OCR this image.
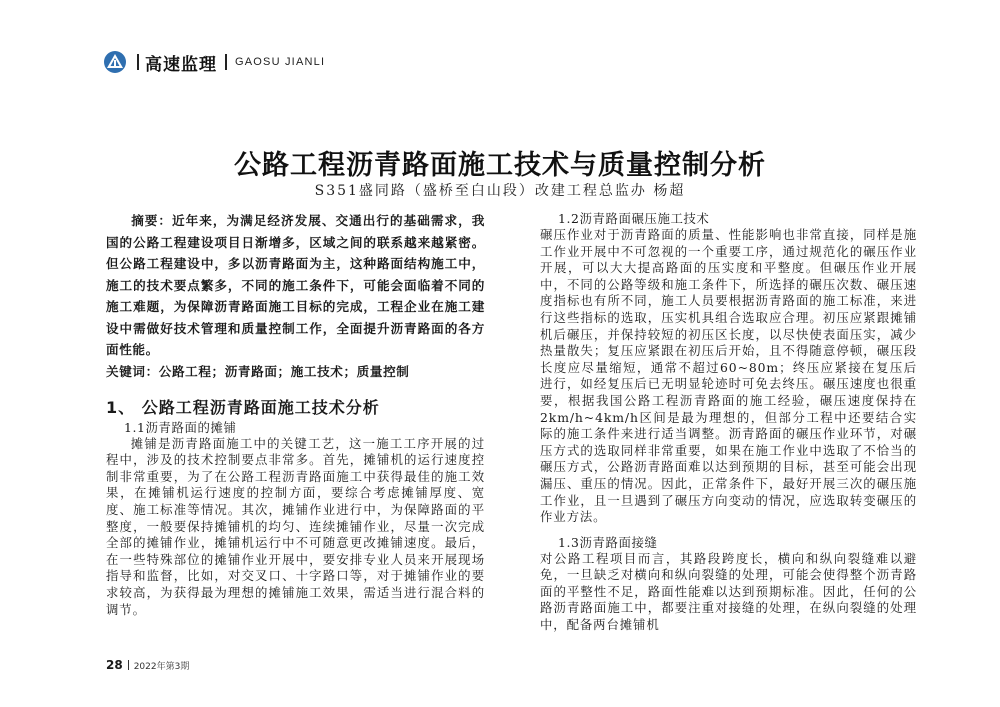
高速监理 GAOSU JIANLI
公路工程沥青路面施工技术与质量控制分析
S351盛同路（盛桥至白山段）改建工程总监办 杨超

摘要：近年来，为满足经济发展、交通出行的基础需求，我国的公路工程建设项目日渐增多，区域之间的联系越来越紧密。但公路工程建设中，多以沥青路面为主，这种路面结构施工中，施工的技术要点繁多，不同的施工条件下，可能会面临着不同的施工难题，为保障沥青路面施工目标的完成，工程企业在施工建设中需做好技术管理和质量控制工作，全面提升沥青路面的各方面性能。

关键词：公路工程；沥青路面；施工技术；质量控制

1、 公路工程沥青路面施工技术分析

1.1沥青路面的摊铺

摊铺是沥青路面施工中的关键工艺，这一施工工序开展的过程中，涉及的技术控制要点非常多。首先，摊铺机的运行速度控制非常重要，为了在公路工程沥青路面施工中获得最佳的施工效果，在摊铺机运行速度的控制方面，要综合考虑摊铺厚度、宽度、施工标准等情况。其次，摊铺作业进行中，为保障路面的平整度，一般要保持摊铺机的均匀、连续摊铺作业，尽量一次完成全部的摊铺作业，摊铺机运行中不可随意更改摊铺速度。最后，在一些特殊部位的摊铺作业开展中，要安排专业人员来开展现场指导和监督，比如，对交叉口、十字路口等，对于摊铺作业的要求较高，为获得最为理想的摊铺施工效果，需适当进行混合料的调节。

1.2沥青路面碾压施工技术

碾压作业对于沥青路面的质量、性能影响也非常直接，同样是施工作业开展中不可忽视的一个重要工序，通过规范化的碾压作业开展，可以大大提高路面的压实度和平整度。但碾压作业开展中，不同的公路等级和施工条件下，所选择的碾压次数、碾压速度指标也有所不同，施工人员要根据沥青路面的施工标准，来进行这些指标的选取，压实机具组合选取应合理。初压应紧跟摊铺机后碾压，并保持较短的初压区长度，以尽快使表面压实，减少热量散失；复压应紧跟在初压后开始，且不得随意停顿，碾压段长度应尽量缩短，通常不超过60~80m；终压应紧接在复压后进行，如经复压后已无明显轮迹时可免去终压。碾压速度也很重要，根据我国公路工程沥青路面的施工经验，碾压速度保持在2km/h~4km/h区间是最为理想的，但部分工程中还要结合实际的施工条件来进行适当调整。沥青路面的碾压作业环节，对碾压方式的选取同样非常重要，如果在施工作业中选取了不恰当的碾压方式，公路沥青路面难以达到预期的目标，甚至可能会出现漏压、重压的情况。因此，正常条件下，最好开展三次的碾压施工作业，且一旦遇到了碾压方向变动的情况，应选取转变碾压的作业方法。

1.3沥青路面接缝

对公路工程项目而言，其路段跨度长，横向和纵向裂缝难以避免，一旦缺乏对横向和纵向裂缝的处理，可能会使得整个沥青路面的平整性不足，路面性能难以达到预期标准。因此，任何的公路沥青路面施工中，都要注重对接缝的处理，在纵向裂缝的处理中，配备两台摊铺机

28 2022年第3期
